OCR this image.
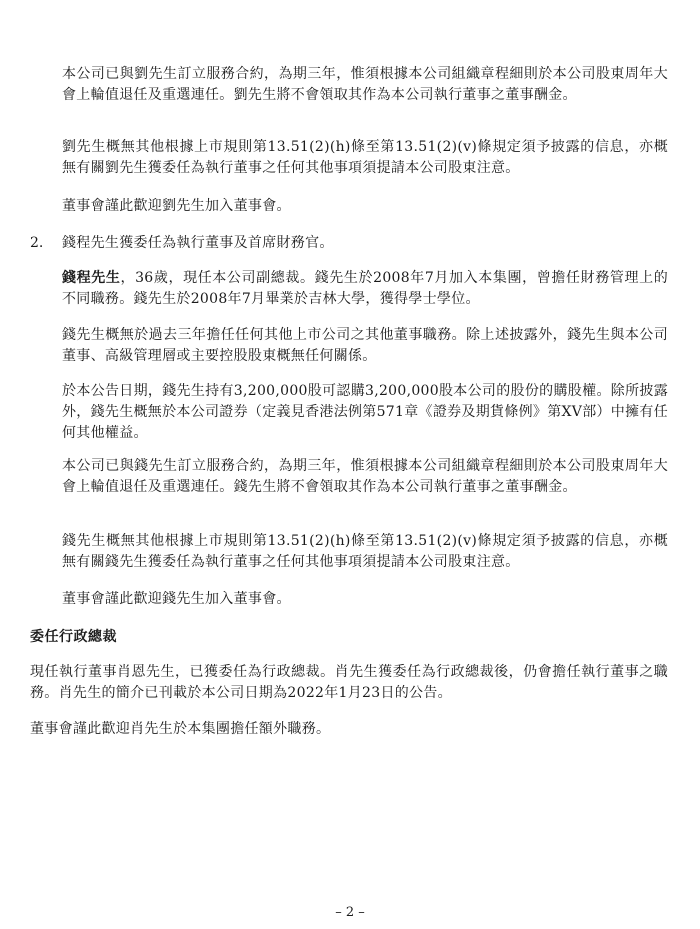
本公司已與劉先生訂立服務合約，為期三年，惟須根據本公司組織章程細則於本公司股東周年大會上輪值退任及重選連任。劉先生將不會領取其作為本公司執行董事之董事酬金。

劉先生概無其他根據上市規則第13.51(2)(h)條至第13.51(2)(v)條規定須予披露的信息，亦概無有關劉先生獲委任為執行董事之任何其他事項須提請本公司股東注意。

董事會謹此歡迎劉先生加入董事會。

2. 錢程先生獲委任為執行董事及首席財務官。

錢程先生，36歲，現任本公司副總裁。錢先生於2008年7月加入本集團，曾擔任財務管理上的不同職務。錢先生於2008年7月畢業於吉林大學，獲得學士學位。

錢先生概無於過去三年擔任任何其他上市公司之其他董事職務。除上述披露外，錢先生與本公司董事、高級管理層或主要控股股東概無任何關係。

於本公告日期，錢先生持有3,200,000股可認購3,200,000股本公司的股份的購股權。除所披露外，錢先生概無於本公司證券（定義見香港法例第571章《證券及期貨條例》第XV部）中擁有任何其他權益。

本公司已與錢先生訂立服務合約，為期三年，惟須根據本公司組織章程細則於本公司股東周年大會上輪值退任及重選連任。錢先生將不會領取其作為本公司執行董事之董事酬金。

錢先生概無其他根據上市規則第13.51(2)(h)條至第13.51(2)(v)條規定須予披露的信息，亦概無有關錢先生獲委任為執行董事之任何其他事項須提請本公司股東注意。

董事會謹此歡迎錢先生加入董事會。

委任行政總裁

現任執行董事肖恩先生，已獲委任為行政總裁。肖先生獲委任為行政總裁後，仍會擔任執行董事之職務。肖先生的簡介已刊載於本公司日期為2022年1月23日的公告。

董事會謹此歡迎肖先生於本集團擔任額外職務。

– 2 –
